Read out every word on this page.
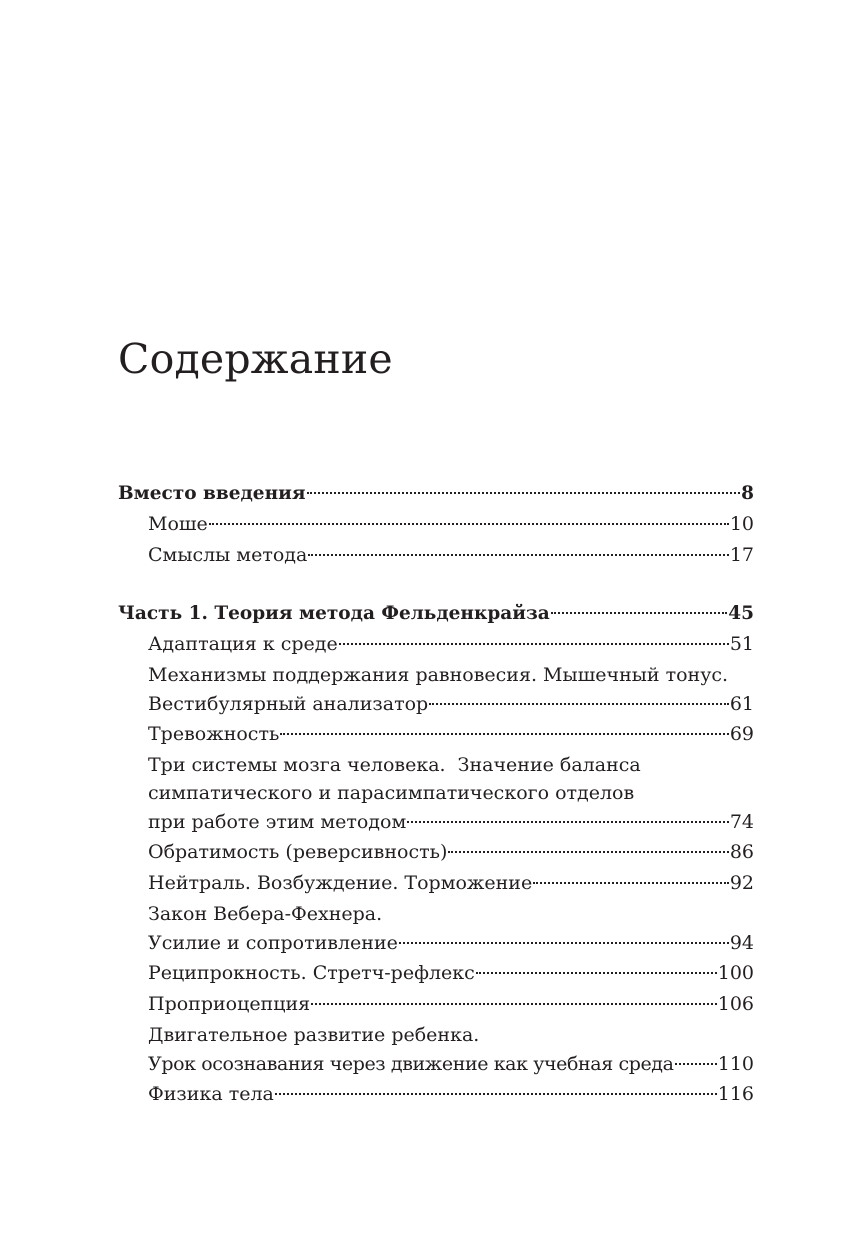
Содержание
Вместо введения	8
Моше	10
Смыслы метода	17
Часть 1. Теория метода Фельденкрайза	45
Адаптация к среде	51
Механизмы поддержания равновесия. Мышечный тонус.
Вестибулярный анализатор	61
Тревожность	69
Три системы мозга человека.  Значение баланса
симпатического и парасимпатического отделов
при работе этим методом	74
Обратимость (реверсивность)	86
Нейтраль. Возбуждение. Торможение	92
Закон Вебера-Фехнера.
Усилие и сопротивление	94
Реципрокность. Стретч-рефлекс	100
Проприоцепция	106
Двигательное развитие ребенка.
Урок осознавания через движение как учебная среда 110
Физика тела	116
